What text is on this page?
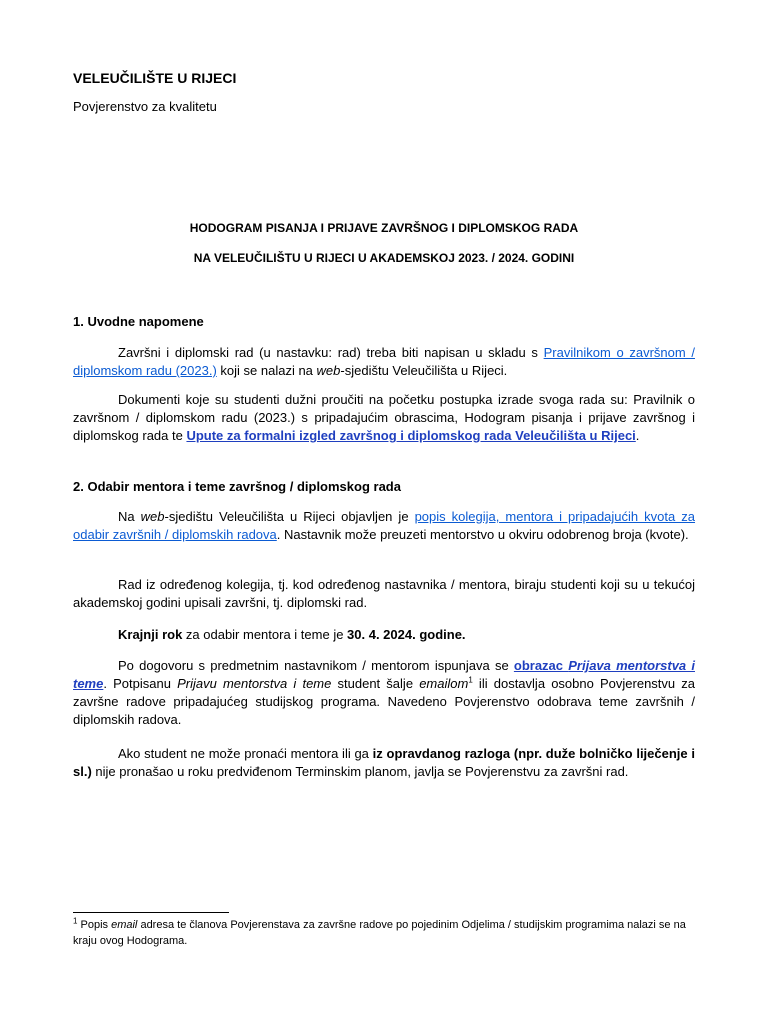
VELEUČILIŠTE U RIJECI
Povjerenstvo za kvalitetu
HODOGRAM PISANJA I PRIJAVE ZAVRŠNOG I DIPLOMSKOG RADA
NA VELEUČILIŠTU U RIJECI U AKADEMSKOJ 2023. / 2024. GODINI
1. Uvodne napomene
Završni i diplomski rad (u nastavku: rad) treba biti napisan u skladu s Pravilnikom o završnom / diplomskom radu (2023.) koji se nalazi na web-sjedištu Veleučilišta u Rijeci.
Dokumenti koje su studenti dužni proučiti na početku postupka izrade svoga rada su: Pravilnik o završnom / diplomskom radu (2023.) s pripadajućim obrascima, Hodogram pisanja i prijave završnog i diplomskog rada te Upute za formalni izgled završnog i diplomskog rada Veleučilišta u Rijeci.
2. Odabir mentora i teme završnog / diplomskog rada
Na web-sjedištu Veleučilišta u Rijeci objavljen je popis kolegija, mentora i pripadajućih kvota za odabir završnih / diplomskih radova. Nastavnik može preuzeti mentorstvo u okviru odobrenog broja (kvote).
Rad iz određenog kolegija, tj. kod određenog nastavnika / mentora, biraju studenti koji su u tekućoj akademskoj godini upisali završni, tj. diplomski rad.
Krajnji rok za odabir mentora i teme je 30. 4. 2024. godine.
Po dogovoru s predmetnim nastavnikom / mentorom ispunjava se obrazac Prijava mentorstva i teme. Potpisanu Prijavu mentorstva i teme student šalje emailom$^1$ ili dostavlja osobno Povjerenstvu za završne radove pripadajućeg studijskog programa. Navedeno Povjerenstvo odobrava teme završnih / diplomskih radova.
Ako student ne može pronaći mentora ili ga iz opravdanog razloga (npr. duže bolničko liječenje i sl.) nije pronašao u roku predviđenom Terminskim planom, javlja se Povjerenstvu za završni rad.
$^1$ Popis email adresa te članova Povjerenstava za završne radove po pojedinim Odjelima / studijskim programima nalazi se na kraju ovog Hodograma.
